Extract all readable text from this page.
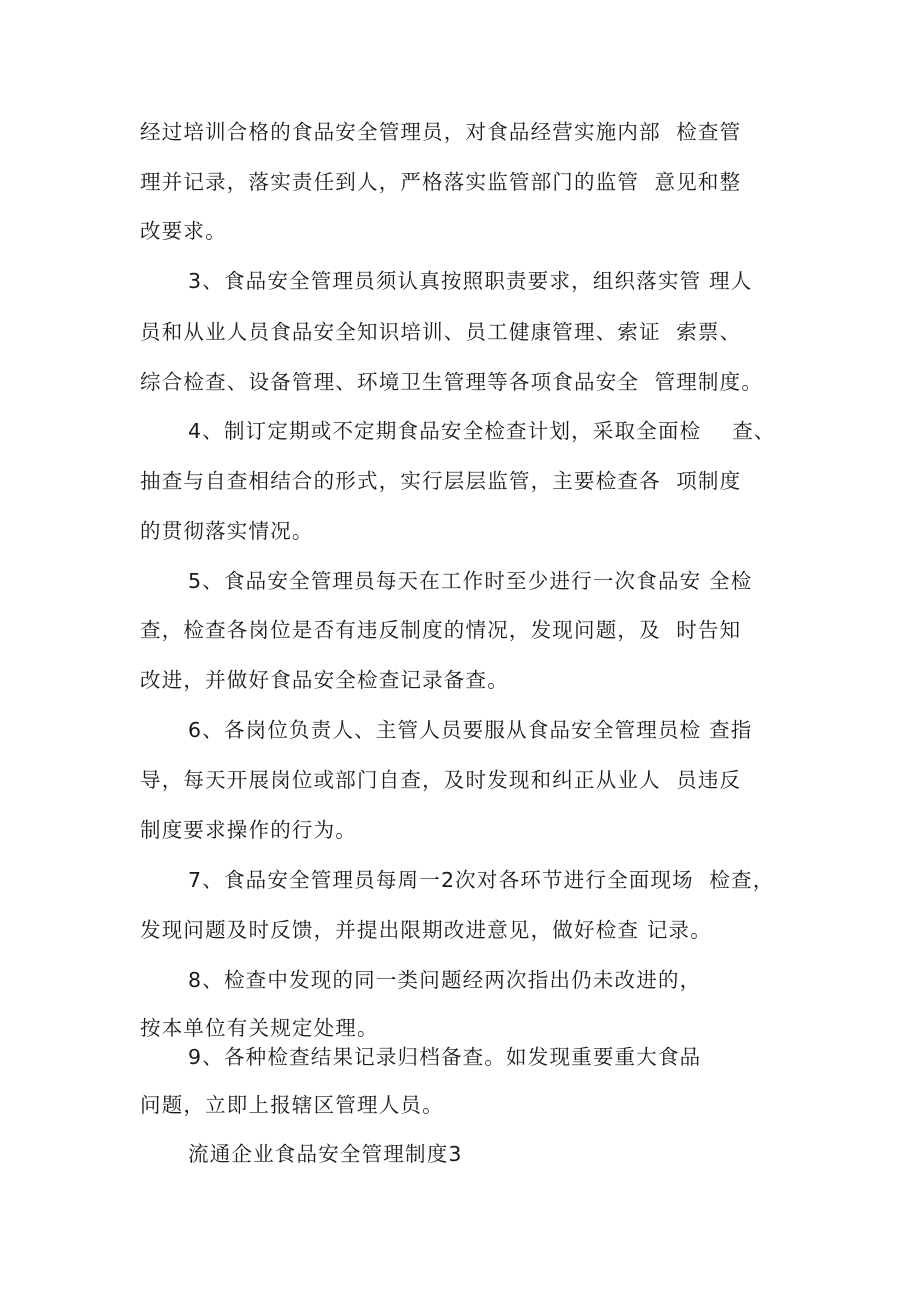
经过培训合格的食品安全管理员，对食品经营实施内部  检查管
理并记录，落实责任到人，严格落实监管部门的监管  意见和整
改要求。
3、食品安全管理员须认真按照职责要求，组织落实管 理人
员和从业人员食品安全知识培训、员工健康管理、索证  索票、
综合检查、设备管理、环境卫生管理等各项食品安全  管理制度。
4、制订定期或不定期食品安全检查计划，采取全面检    查、
抽查与自查相结合的形式，实行层层监管，主要检查各  项制度
的贯彻落实情况。
5、食品安全管理员每天在工作时至少进行一次食品安 全检
查，检查各岗位是否有违反制度的情况，发现问题，及  时告知
改进，并做好食品安全检查记录备查。
6、各岗位负责人、主管人员要服从食品安全管理员检 查指
导，每天开展岗位或部门自查，及时发现和纠正从业人  员违反
制度要求操作的行为。
7、食品安全管理员每周一2次对各环节进行全面现场  检查，
发现问题及时反馈，并提出限期改进意见，做好检查 记录。
8、检查中发现的同一类问题经两次指出仍未改进的，
按本单位有关规定处理。
9、各种检查结果记录归档备查。如发现重要重大食品
问题，立即上报辖区管理人员。
流通企业食品安全管理制度3
